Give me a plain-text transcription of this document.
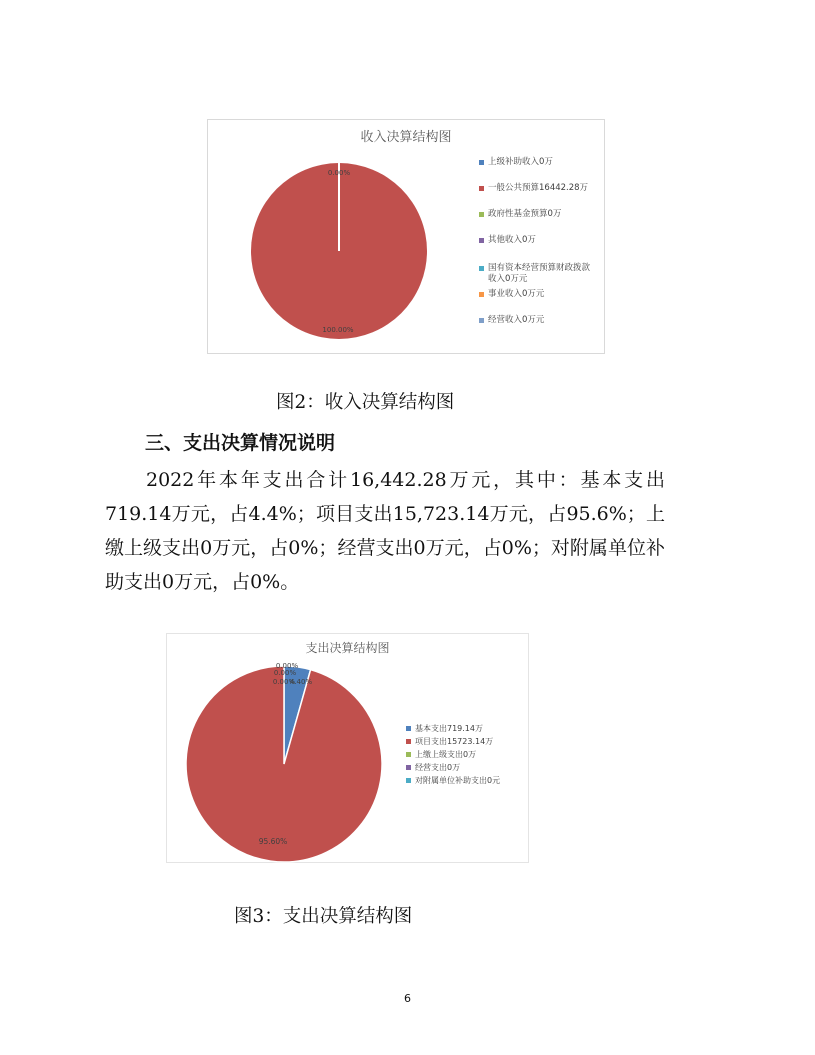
收入决算结构图
0.00%
100.00%
上级补助收入0万
一般公共预算16442.28万
政府性基金预算0万
其他收入0万
国有资本经营预算财政拨款收入0万元
事业收入0万元
经营收入0万元
图2：收入决算结构图
三、支出决算情况说明
2022年本年支出合计16,442.28万元，其中：基本支出719.14万元，占4.4%；项目支出15,723.14万元，占95.6%；上缴上级支出0万元，占0%；经营支出0万元，占0%；对附属单位补助支出0万元，占0%。
支出决算结构图
0.00%
0.00%
0.00%
4.40%
95.60%
基本支出719.14万
项目支出15723.14万
上缴上级支出0万
经营支出0万
对附属单位补助支出0元
图3：支出决算结构图
6
